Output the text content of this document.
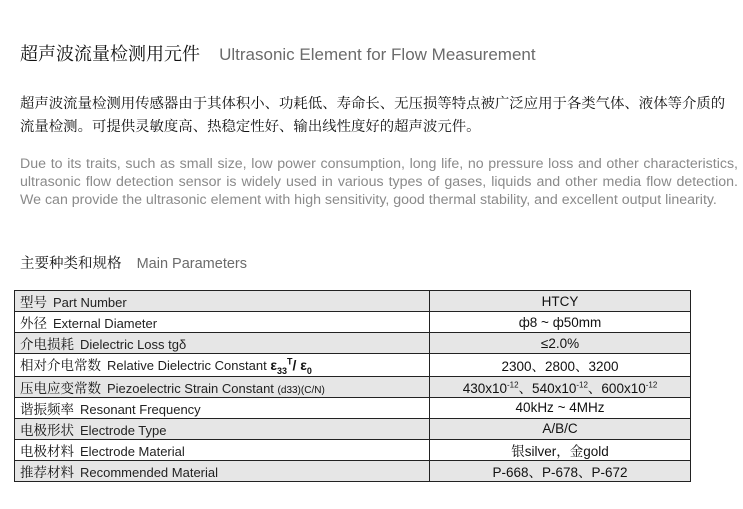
超声波流量检测用元件 Ultrasonic Element for Flow Measurement
超声波流量检测用传感器由于其体积小、功耗低、寿命长、无压损等特点被广泛应用于各类气体、液体等介质的流量检测。可提供灵敏度高、热稳定性好、输出线性度好的超声波元件。
Due to its traits, such as small size, low power consumption, long life, no pressure loss and other characteristics, ultrasonic flow detection sensor is widely used in various types of gases, liquids and other media flow detection. We can provide the ultrasonic element with high sensitivity, good thermal stability, and excellent output linearity.
主要种类和规格 Main Parameters
型号 Part Number	HTCY
外径 External Diameter	ф8 ~ ф50mm
介电损耗 Dielectric Loss tgδ	≤2.0%
相对介电常数 Relative Dielectric Constant $\varepsilon_{33}^T/$ $\varepsilon_0$	2300、2800、3200
压电应变常数 Piezoelectric Strain Constant (d33)(C/N)	$430x10^{-12}$、$540x10^{-12}$、$600x10^{-12}$
谐振频率 Resonant Frequency	40kHz ~ 4MHz
电极形状 Electrode Type	A/B/C
电极材料 Electrode Material	银silver，金gold
推荐材料 Recommended Material	P-668、P-678、P-672
